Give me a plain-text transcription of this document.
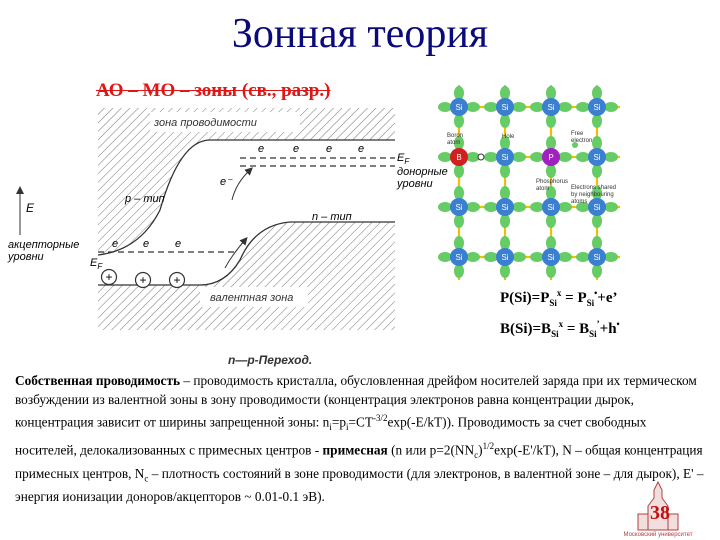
Зонная теория
АО – МО – зоны (св., разр.)
зона проводимости
валентная зона
e	e e e
$E_F$
донорные уровни
e⁻
E
p – тип
n – тип
e e e
акцепторные уровни	$E_F$
+ + +
n—p-Переход.
Si	Si	Si	Si
B	Si	P	Si
Si	Si	Si	Si
Si	Si	Si	Si
Boron atom
Hole	Free electron
Phosphorus atom	Electrons shared by neighbouring atoms
$P(Si)=P_{Si}^x = P_{Si}^•+e$’
$B(Si)=B_{Si}^x = B_{Si}^’+h^•$
Собственная проводимость – проводимость кристалла, обусловленная дрейфом носителей заряда при их термическом возбуждении из валентной зоны в зону проводимости (концентрация электронов равна концентрации дырок, концентрация зависит от ширины запрещенной зоны: $n_i=p_i=CT^{-3/2}\exp(-E/kT)$). Проводимость за счет свободных носителей, делокализованных с примесных центров - примесная (n или $p=2(NN_c)^{1/2}\exp(-E'/kT)$, N – общая концентрация примесных центров, $N_c$ – плотность состояний в зоне проводимости (для электронов, в валентной зоне – для дырок), E' – энергия ионизации доноров/акцепторов ~ 0.01-0.1 эВ).
Московский университет
38
